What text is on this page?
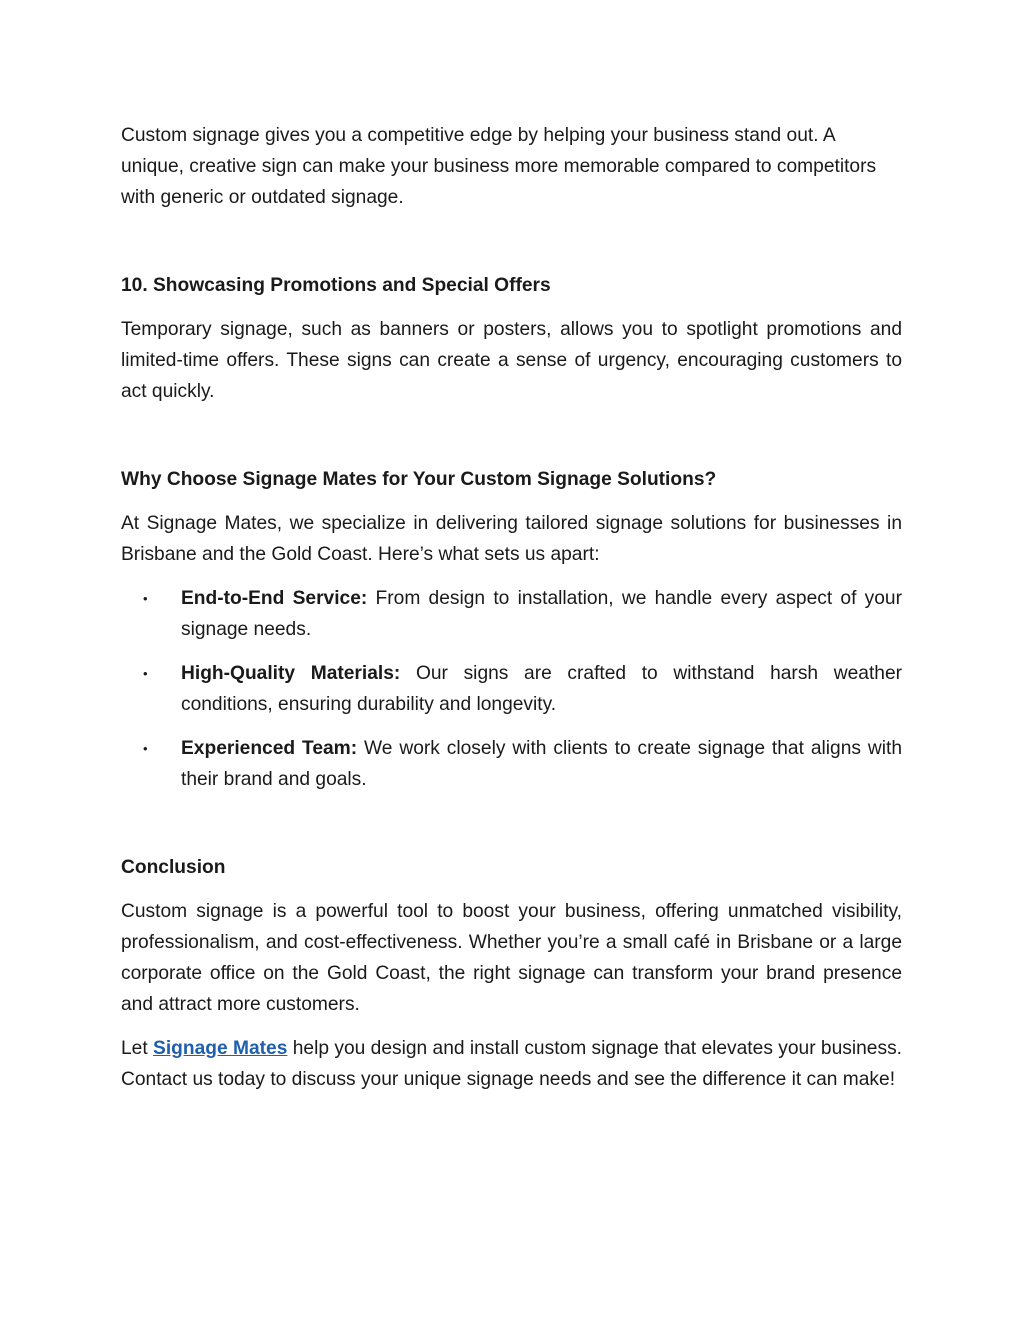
Custom signage gives you a competitive edge by helping your business stand out. A unique, creative sign can make your business more memorable compared to competitors with generic or outdated signage.

10. Showcasing Promotions and Special Offers

Temporary signage, such as banners or posters, allows you to spotlight promotions and limited-time offers. These signs can create a sense of urgency, encouraging customers to act quickly.

Why Choose Signage Mates for Your Custom Signage Solutions?

At Signage Mates, we specialize in delivering tailored signage solutions for businesses in Brisbane and the Gold Coast. Here’s what sets us apart:

• End-to-End Service: From design to installation, we handle every aspect of your signage needs.
• High-Quality Materials: Our signs are crafted to withstand harsh weather conditions, ensuring durability and longevity.
• Experienced Team: We work closely with clients to create signage that aligns with their brand and goals.
Conclusion

Custom signage is a powerful tool to boost your business, offering unmatched visibility, professionalism, and cost-effectiveness. Whether you’re a small café in Brisbane or a large corporate office on the Gold Coast, the right signage can transform your brand presence and attract more customers.

Let Signage Mates help you design and install custom signage that elevates your business. Contact us today to discuss your unique signage needs and see the difference it can make!
